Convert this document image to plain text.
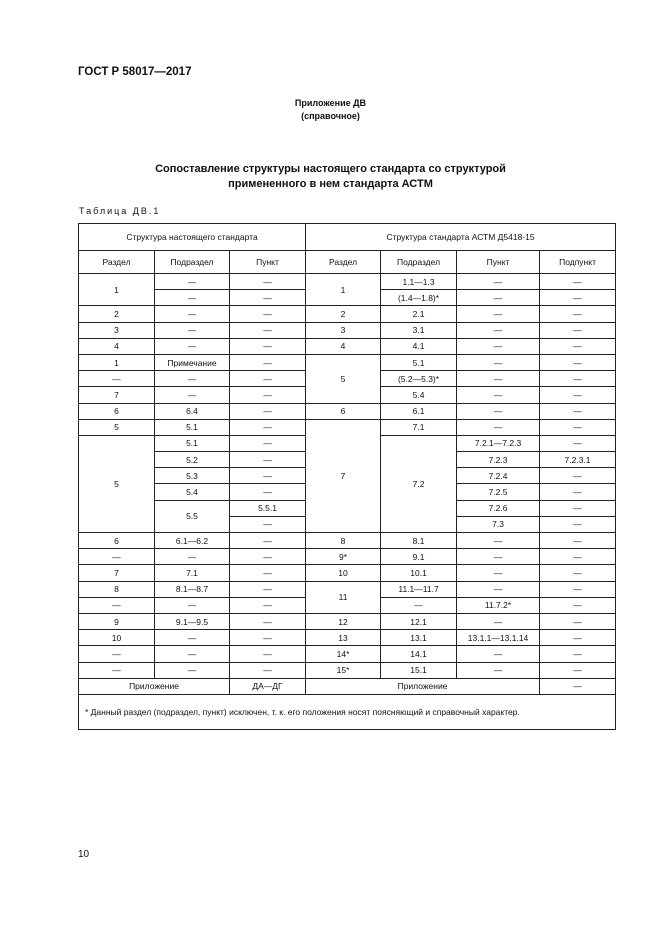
ГОСТ Р 58017—2017
Приложение ДВ
(справочное)
Сопоставление структуры настоящего стандарта со структурой
примененного в нем стандарта АСТМ
Таблица ДВ.1
Структура настоящего стандарта			Структура стандарта АСТМ Д5418-15			
Раздел	Подраздел	Пункт	Раздел	Подраздел	Пункт	Подпункт
1	—	—	1	1.1—1.3	—	—
	—	—		(1.4—1.8)*	—	—
2	—	—	2	2.1	—	—
3	—	—	3	3.1	—	—
4	—	—	4	4.1	—	—
1	Примечание	—	5	5.1	—	—
—	—	—		(5.2—5.3)*	—	—
7	—	—		5.4	—	—
6	6.4	—	6	6.1	—	—
5	5.1	—	7	7.1	—	—
5	5.1	—		7.2	7.2.1—7.2.3	—
	5.2	—			7.2.3	7.2.3.1
	5.3	—			7.2.4	—
	5.4	—			7.2.5	—
	5.5	5.5.1			7.2.6	—
		—			7.3	—
6	6.1—6.2	—	8	8.1	—	—
—	—	—	9*	9.1	—	—
7	7.1	—	10	10.1	—	—
8	8.1—8.7	—	11	11.1—11.7	—	—
—	—	—		—	11.7.2*	—
9	9.1—9.5	—	12	12.1	—	—
10	—	—	13	13.1	13.1.1—13.1.14	—
—	—	—	14*	14.1	—	—
—	—	—	15*	15.1	—	—
Приложение		ДА—ДГ	Приложение			—
* Данный раздел (подраздел, пункт) исключен, т. к. его положения носят поясняющий и справочный характер.						
10
